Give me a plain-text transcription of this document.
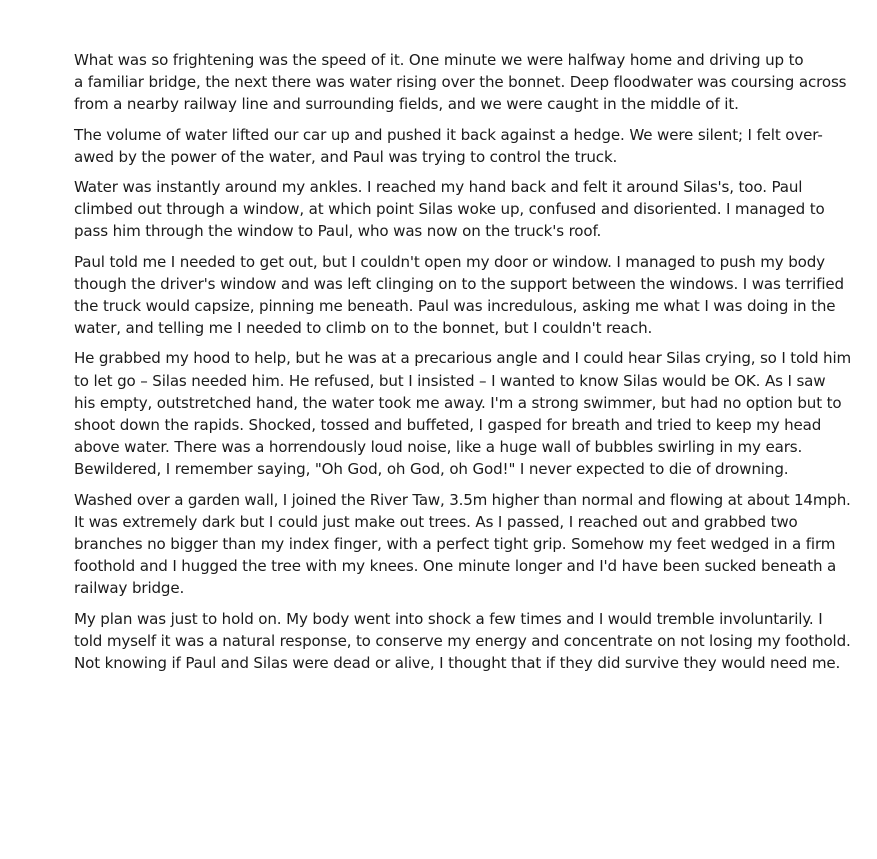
What was so frightening was the speed of it. One minute we were halfway home and driving up to
a familiar bridge, the next there was water rising over the bonnet. Deep floodwater was coursing across
from a nearby railway line and surrounding fields, and we were caught in the middle of it.

The volume of water lifted our car up and pushed it back against a hedge. We were silent; I felt over-
awed by the power of the water, and Paul was trying to control the truck.

Water was instantly around my ankles. I reached my hand back and felt it around Silas's, too. Paul
climbed out through a window, at which point Silas woke up, confused and disoriented. I managed to
pass him through the window to Paul, who was now on the truck's roof.

Paul told me I needed to get out, but I couldn't open my door or window. I managed to push my body
though the driver's window and was left clinging on to the support between the windows. I was terrified
the truck would capsize, pinning me beneath. Paul was incredulous, asking me what I was doing in the
water, and telling me I needed to climb on to the bonnet, but I couldn't reach.

He grabbed my hood to help, but he was at a precarious angle and I could hear Silas crying, so I told him
to let go – Silas needed him. He refused, but I insisted – I wanted to know Silas would be OK. As I saw
his empty, outstretched hand, the water took me away. I'm a strong swimmer, but had no option but to
shoot down the rapids. Shocked, tossed and buffeted, I gasped for breath and tried to keep my head
above water. There was a horrendously loud noise, like a huge wall of bubbles swirling in my ears.
Bewildered, I remember saying, "Oh God, oh God, oh God!" I never expected to die of drowning.

Washed over a garden wall, I joined the River Taw, 3.5m higher than normal and flowing at about 14mph.
It was extremely dark but I could just make out trees. As I passed, I reached out and grabbed two
branches no bigger than my index finger, with a perfect tight grip. Somehow my feet wedged in a firm
foothold and I hugged the tree with my knees. One minute longer and I'd have been sucked beneath a
railway bridge.

My plan was just to hold on. My body went into shock a few times and I would tremble involuntarily. I
told myself it was a natural response, to conserve my energy and concentrate on not losing my foothold.
Not knowing if Paul and Silas were dead or alive, I thought that if they did survive they would need me.
